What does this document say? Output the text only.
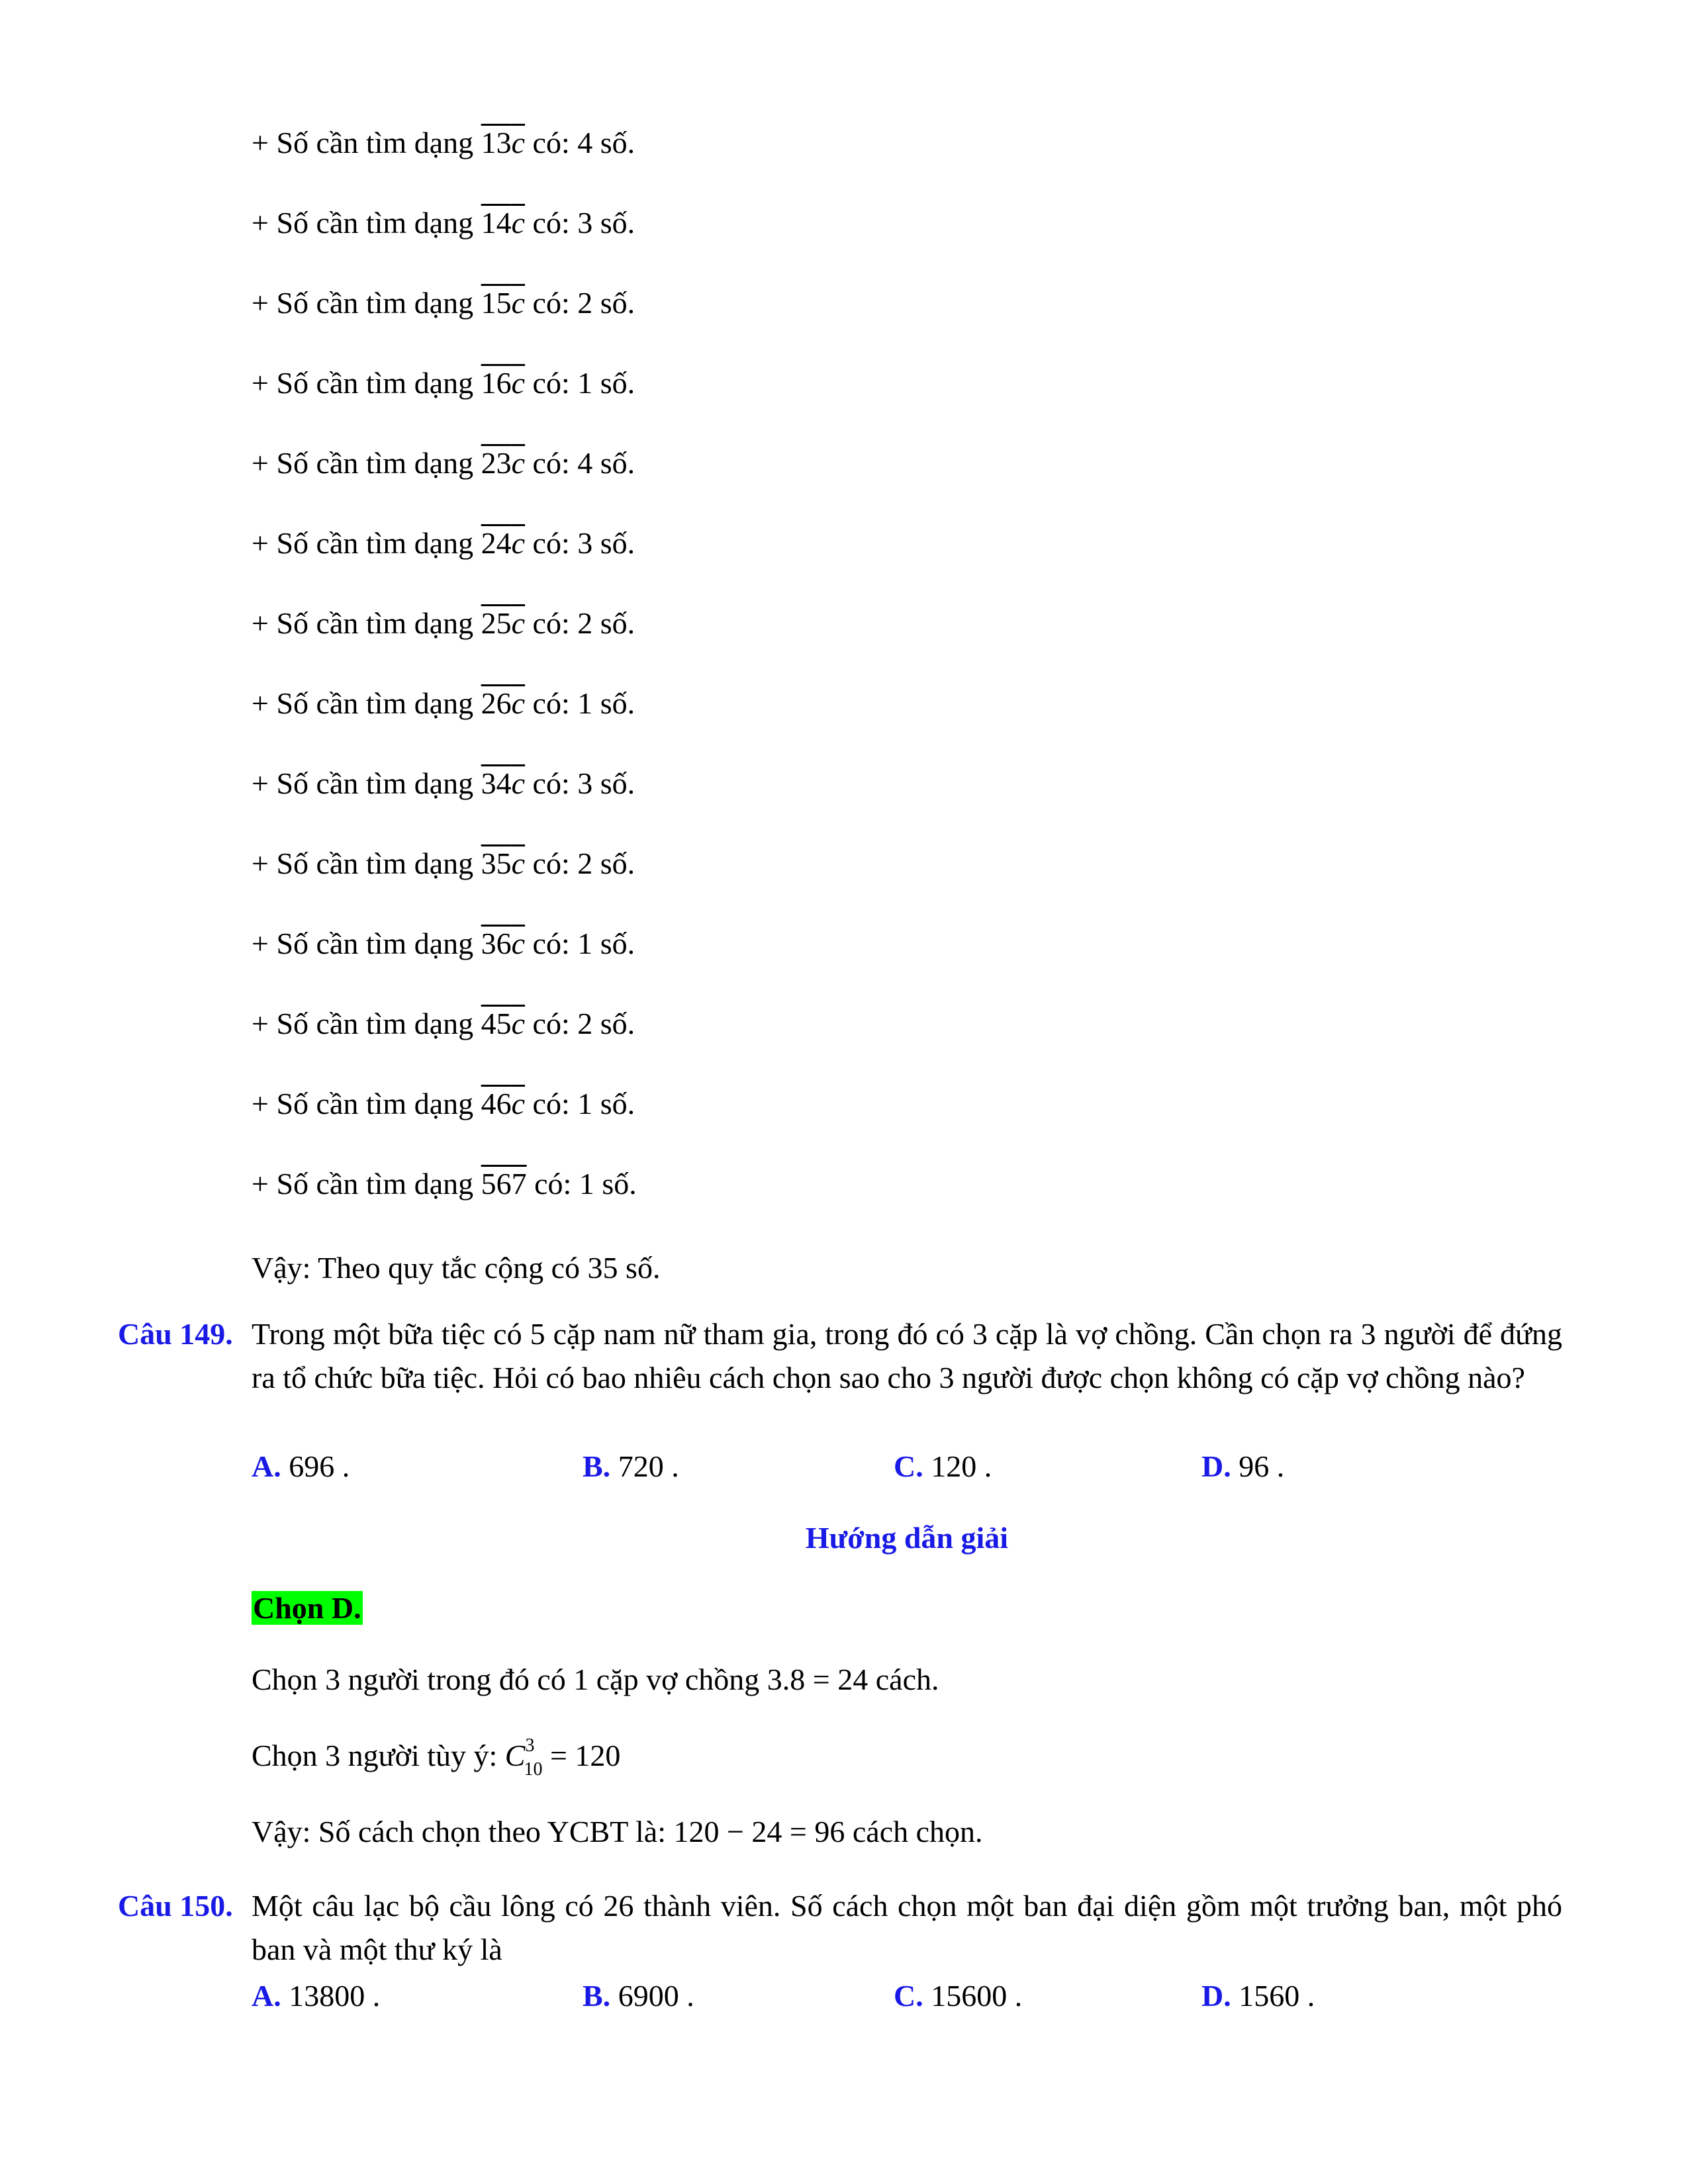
+ Số cần tìm dạng 13c có: 4 số.
+ Số cần tìm dạng 14c có: 3 số.
+ Số cần tìm dạng 15c có: 2 số.
+ Số cần tìm dạng 16c có: 1 số.
+ Số cần tìm dạng 23c có: 4 số.
+ Số cần tìm dạng 24c có: 3 số.
+ Số cần tìm dạng 25c có: 2 số.
+ Số cần tìm dạng 26c có: 1 số.
+ Số cần tìm dạng 34c có: 3 số.
+ Số cần tìm dạng 35c có: 2 số.
+ Số cần tìm dạng 36c có: 1 số.
+ Số cần tìm dạng 45c có: 2 số.
+ Số cần tìm dạng 46c có: 1 số.
+ Số cần tìm dạng 567 có: 1 số.
Vậy: Theo quy tắc cộng có 35 số.
Câu 149. Trong một bữa tiệc có 5 cặp nam nữ tham gia, trong đó có 3 cặp là vợ chồng. Cần chọn ra 3 người để đứng ra tổ chức bữa tiệc. Hỏi có bao nhiêu cách chọn sao cho 3 người được chọn không có cặp vợ chồng nào?
A. 696 .	B. 720 .	C. 120 .	D. 96 .
Hướng dẫn giải
Chọn D.
Chọn 3 người trong đó có 1 cặp vợ chồng 3.8 = 24 cách.
Chọn 3 người tùy ý: $C^3_{10} = 120$
Vậy: Số cách chọn theo YCBT là: 120 − 24 = 96 cách chọn.
Câu 150. Một câu lạc bộ cầu lông có 26 thành viên. Số cách chọn một ban đại diện gồm một trưởng ban, một phó ban và một thư ký là
A. 13800 .	B. 6900 .	C. 15600 .	D. 1560 .
